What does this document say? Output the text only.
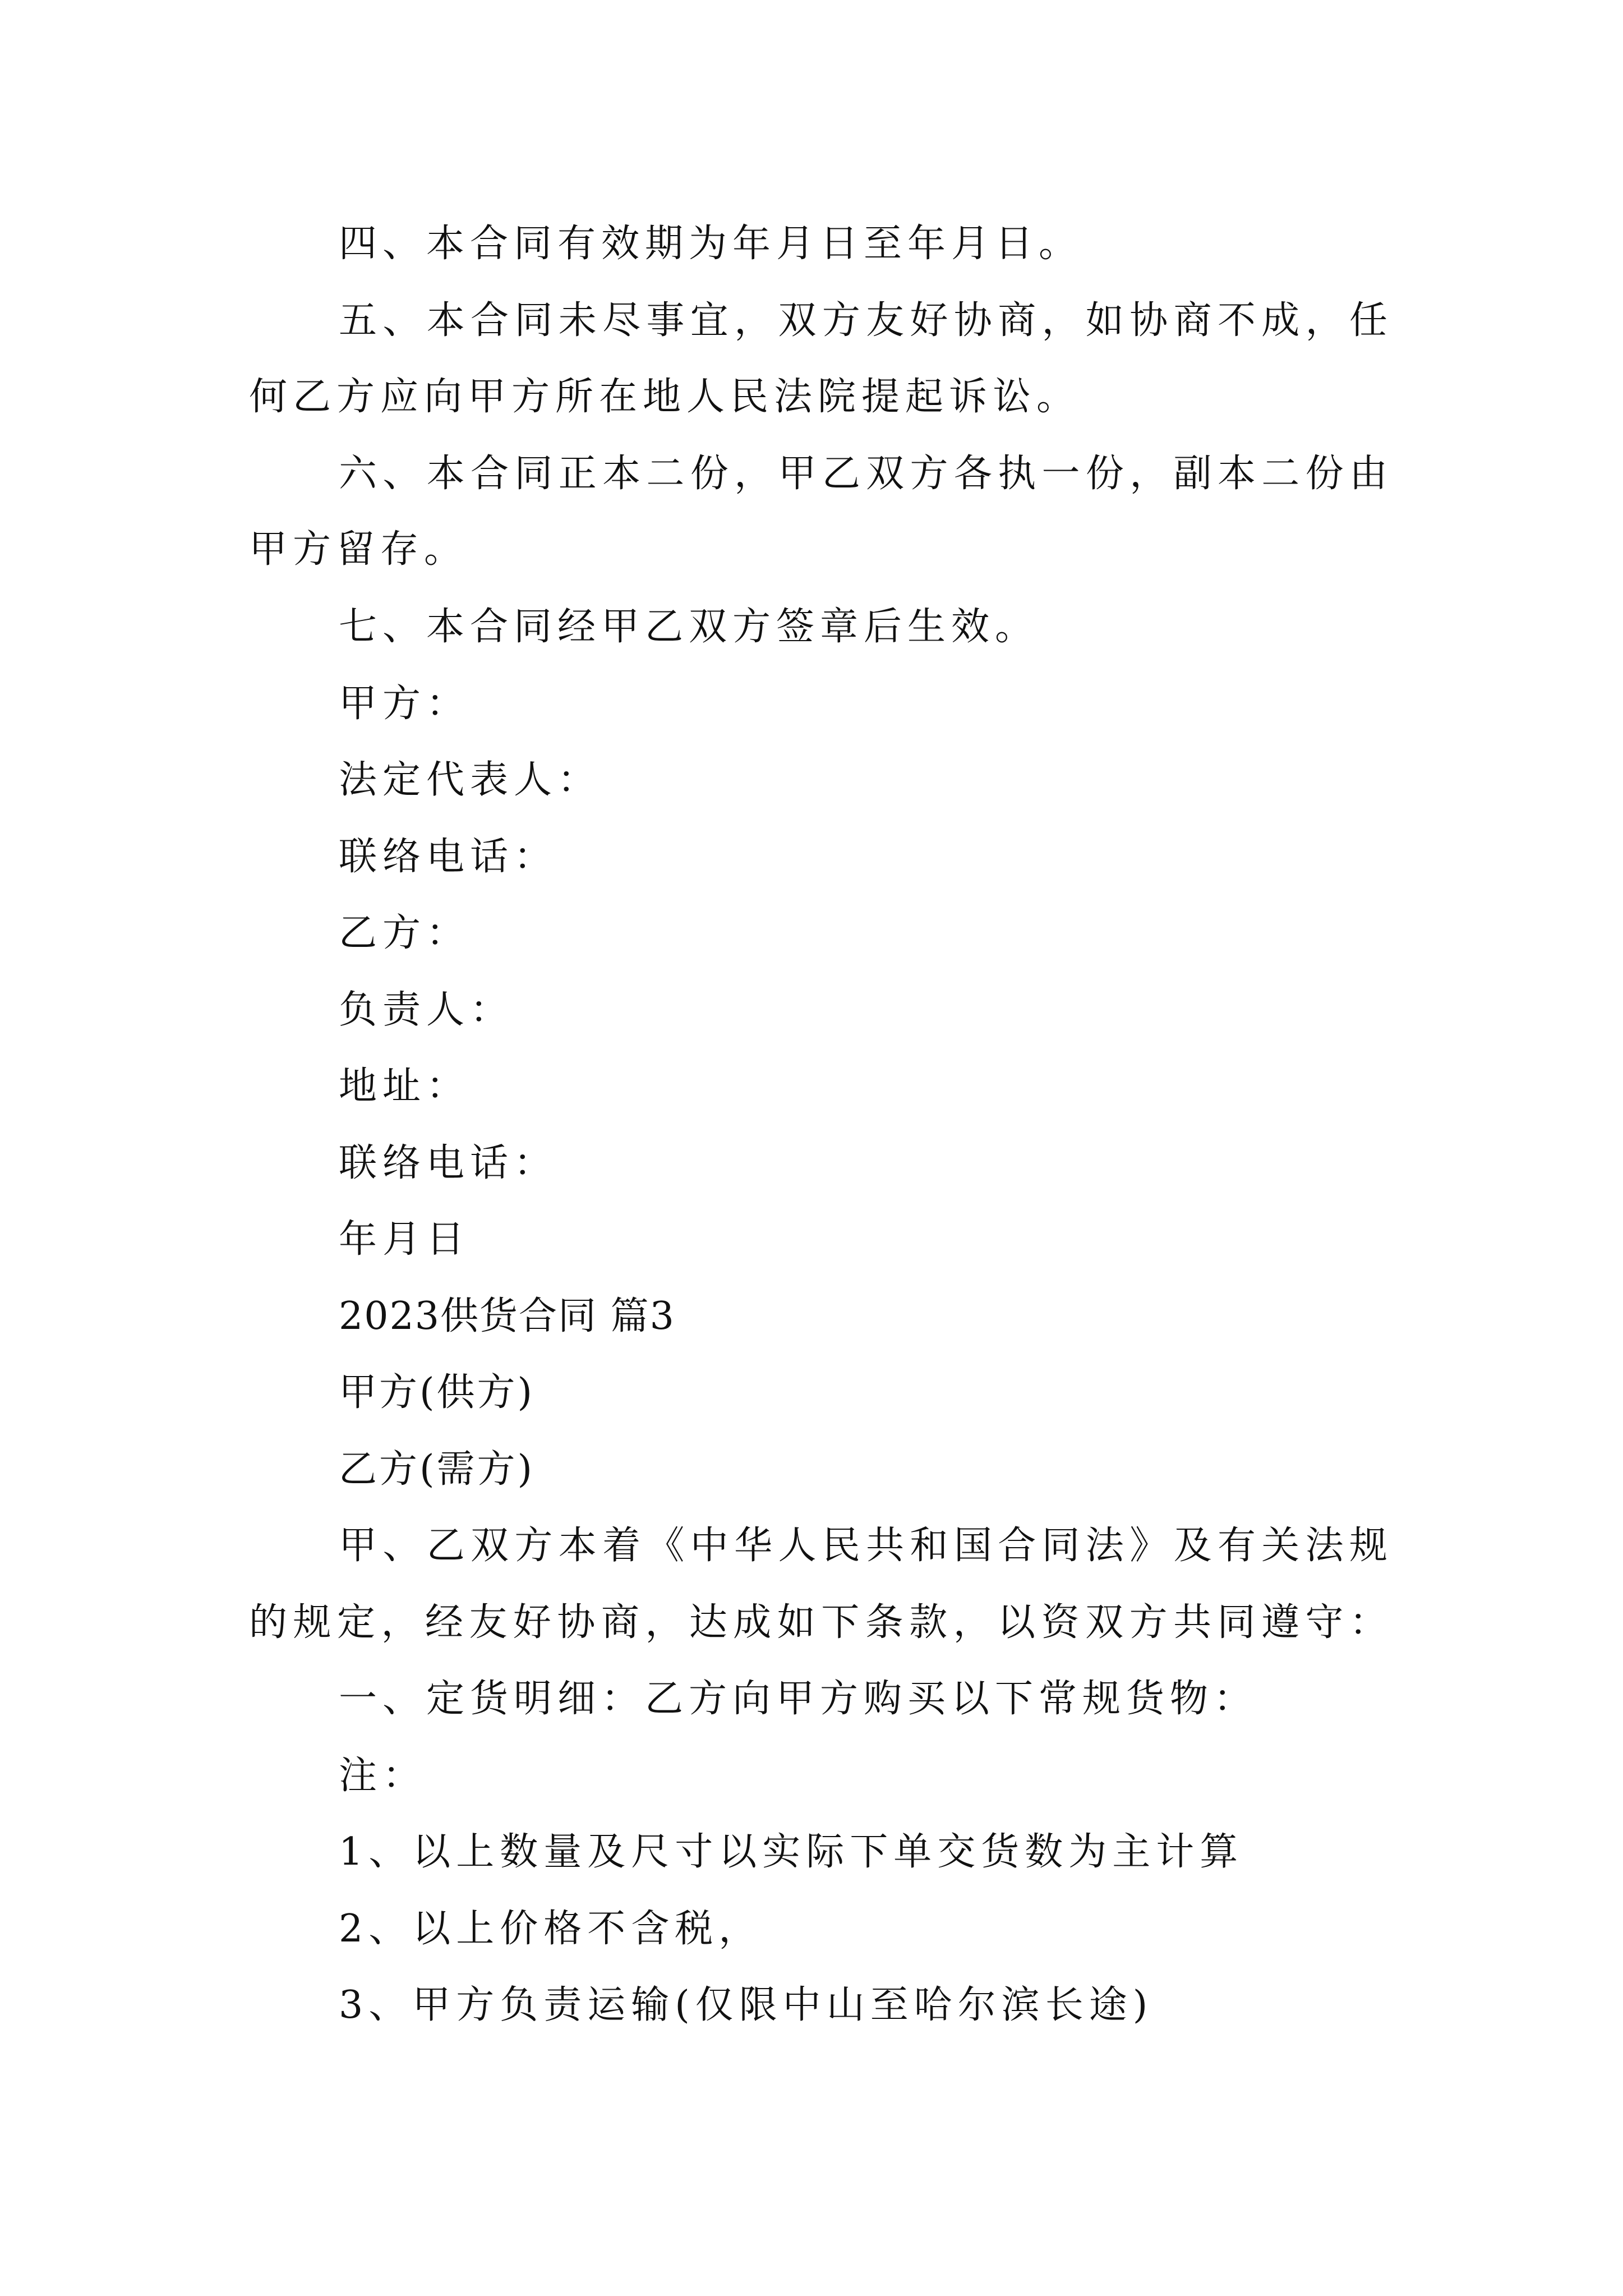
四、本合同有效期为年月日至年月日。
五、本合同未尽事宜，双方友好协商，如协商不成，任
何乙方应向甲方所在地人民法院提起诉讼。
六、本合同正本二份，甲乙双方各执一份，副本二份由
甲方留存。
七、本合同经甲乙双方签章后生效。
甲方：
法定代表人：
联络电话：
乙方：
负责人：
地址：
联络电话：
年月日
2023供货合同 篇3
甲方(供方)
乙方(需方)
甲、乙双方本着《中华人民共和国合同法》及有关法规
的规定，经友好协商，达成如下条款，以资双方共同遵守：
一、定货明细：乙方向甲方购买以下常规货物：
注：
1、以上数量及尺寸以实际下单交货数为主计算
2、以上价格不含税，
3、甲方负责运输(仅限中山至哈尔滨长途)
